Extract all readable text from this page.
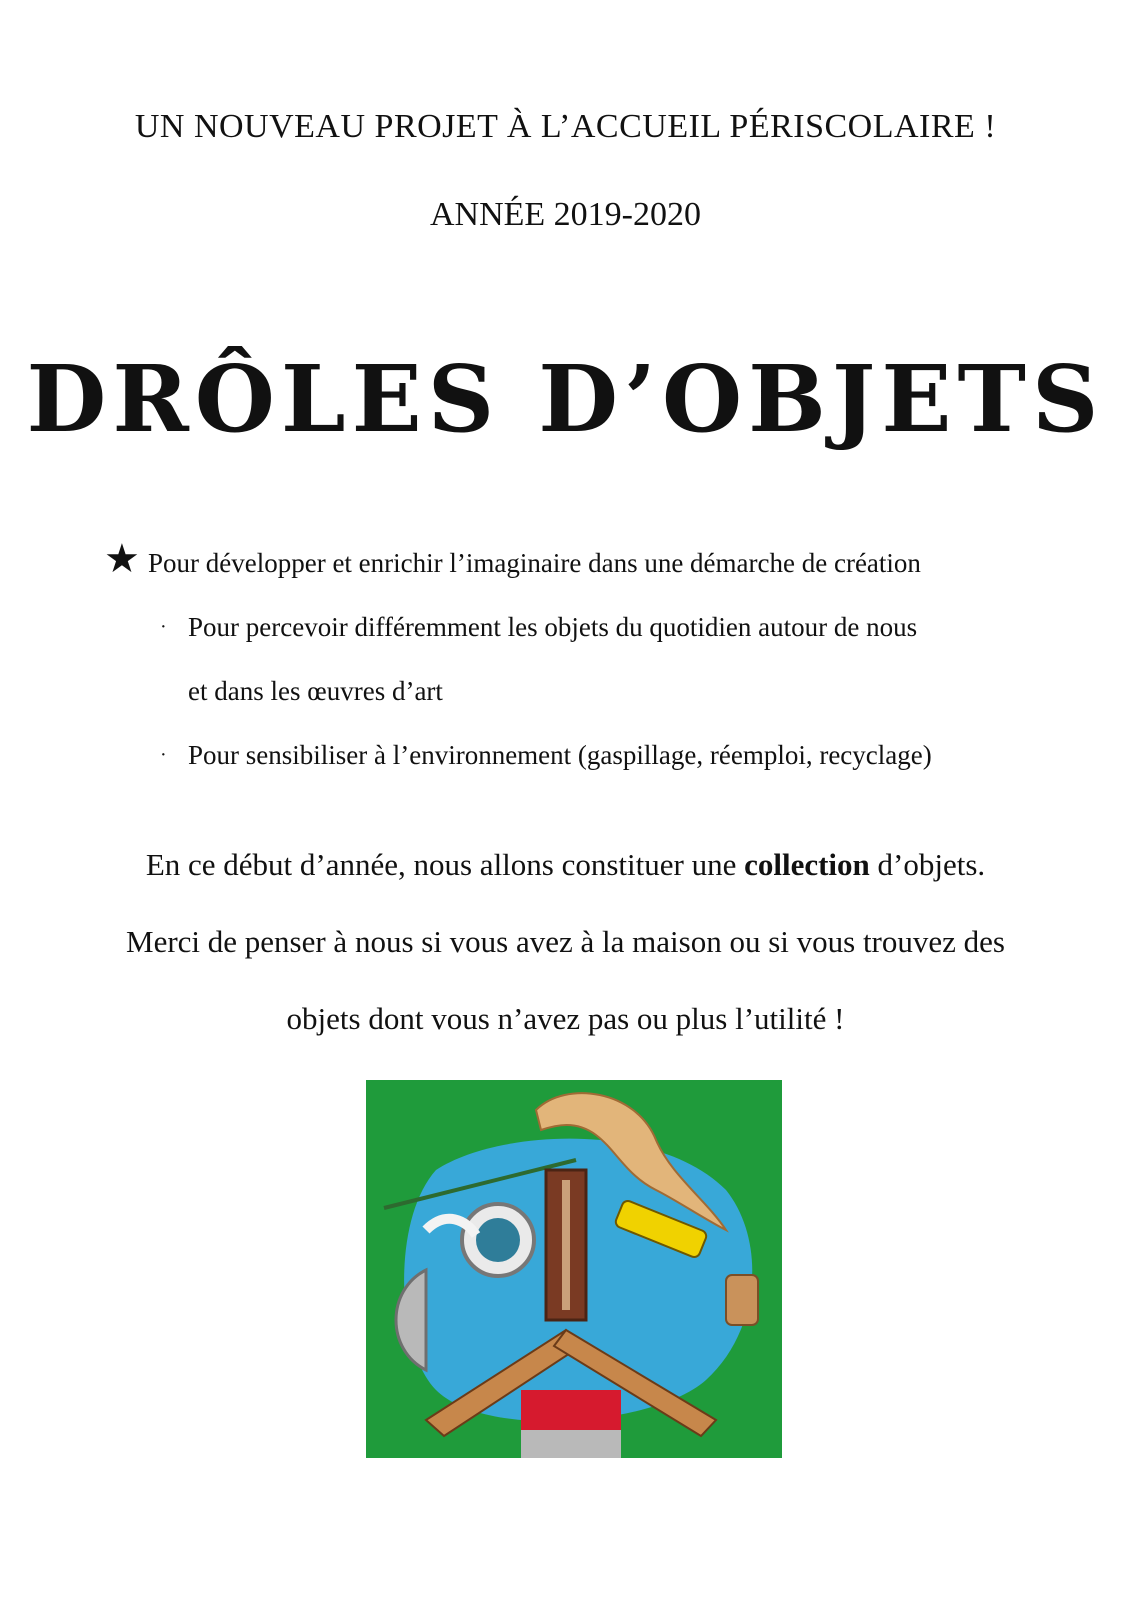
UN NOUVEAU PROJET À L’ACCUEIL PÉRISCOLAIRE !
ANNÉE 2019-2020
DRÔLES D’OBJETS
★ Pour développer et enrichir l’imaginaire dans une démarche de création
· Pour percevoir différemment les objets du quotidien autour de nous
et dans les œuvres d’art
· Pour sensibiliser à l’environnement (gaspillage, réemploi, recyclage)
En ce début d’année, nous allons constituer une collection d’objets.
Merci de penser à nous si vous avez à la maison ou si vous trouvez des
objets dont vous n’avez pas ou plus l’utilité !
